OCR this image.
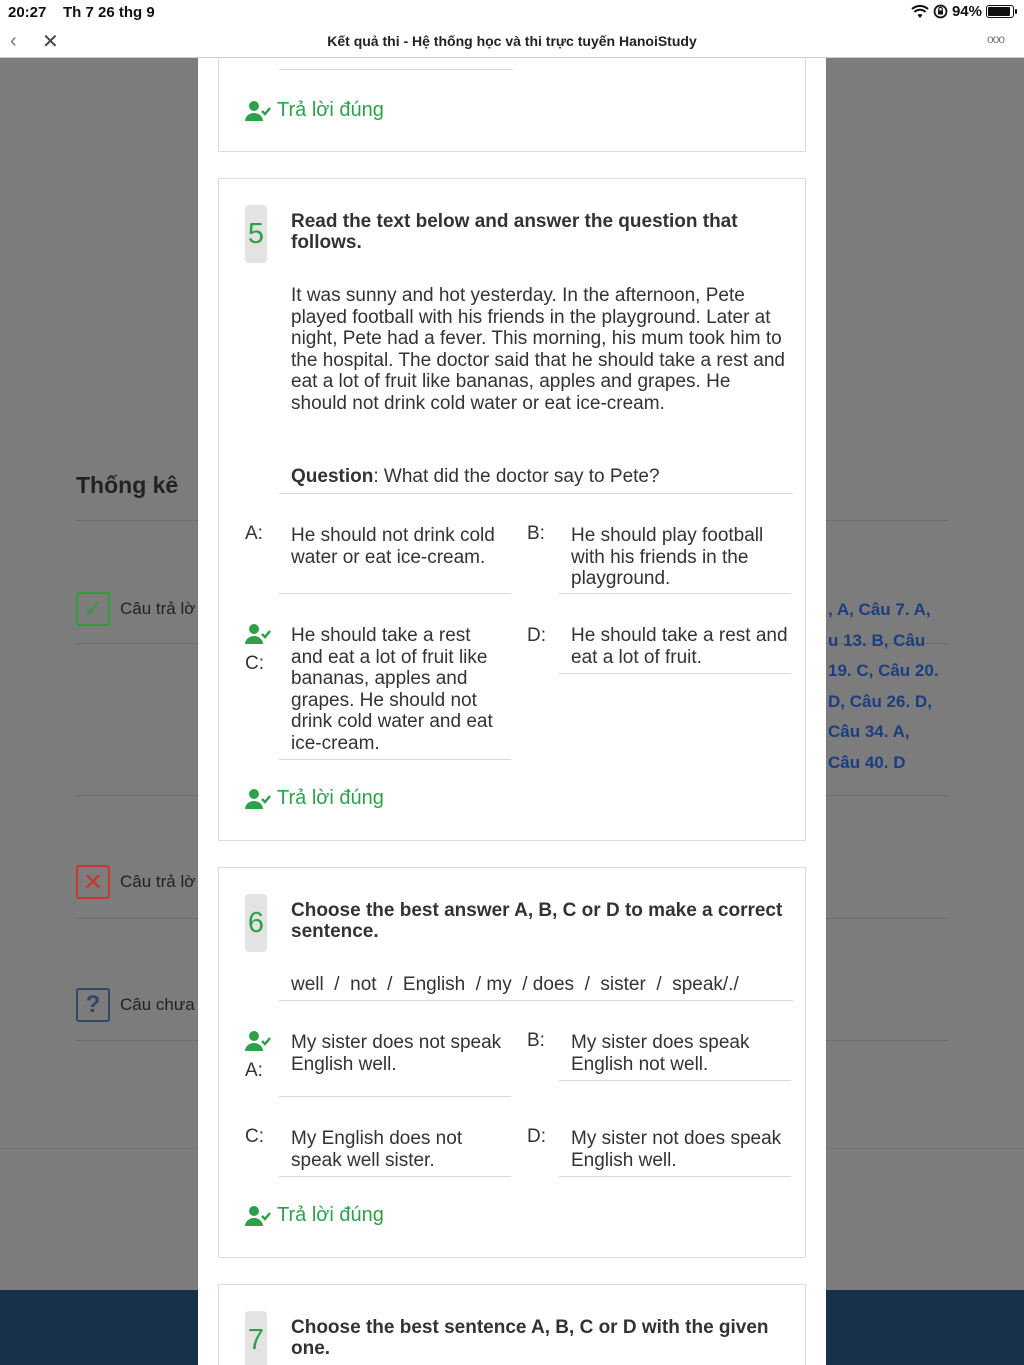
20:27 Th 7 26 thg 9	94%
‹ ✕	Kết quả thi - Hệ thống học và thi trực tuyến HanoiStudy	ooo
Thống kê
✓ Câu trả lờ
✕ Câu trả lờ
?	Câu chưa
, A, Câu 7. A,
u 13. B, Câu
19. C, Câu 20.
D, Câu 26. D,
Câu 34. A,
Câu 40. D
Trả lời đúng
5 Read the text below and answer the question that follows.
It was sunny and hot yesterday. In the afternoon, Pete played football with his friends in the playground. Later at night, Pete had a fever. This morning, his mum took him to the hospital. The doctor said that he should take a rest and eat a lot of fruit like bananas, apples and grapes. He should not drink cold water or eat ice-cream.
Question: What did the doctor say to Pete?
A: He should not drink cold water or eat ice-cream.
B: He should play football with his friends in the playground.
C:
He should take a rest and eat a lot of fruit like bananas, apples and grapes. He should not drink cold water and eat ice-cream.
D: He should take a rest and eat a lot of fruit.
Trả lời đúng
6 Choose the best answer A, B, C or D to make a correct sentence.
well  /  not  /  English  / my  / does  /  sister  /  speak/./
A:
My sister does not speak English well.
B: My sister does speak English not well.
C: My English does not speak well sister.
D: My sister not does speak English well.
Trả lời đúng
7 Choose the best sentence A, B, C or D with the given one.
